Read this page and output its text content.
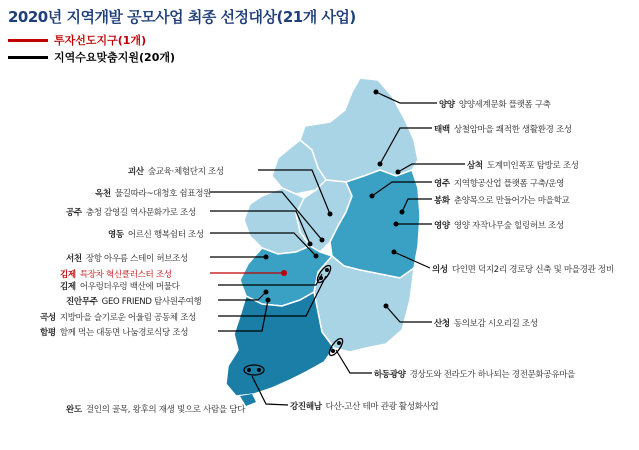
2020년 지역개발 공모사업 최종 선정대상(21개 사업)
투자선도지구(1개)
지역수요맞춤지원(20개)
양양 양양세계문화 플랫폼 구축
태백 상철암마을 쾌적한 생활환경 조성
삼척 도계미인폭포 탐방로 조성
영주 지역향공산업 플랫폼 구축/운영
봉화 춘양목으로 만들어가는 마을학교
영양 영양 자작나무숲 힐링허브 조성
의성 다인면 덕지2리 경로당 신축 및 마을경관 정비
산청 동의보감 시오리길 조성
하동광양 경상도와 전라도가 하나되는 경전문화공유마을
강진해남 다산-고산 테마 관광 활성화사업
완도 걸인의 골목, 왕후의 재생 빛으로 사람을 담다
괴산 숲교육·체험단지 조성
옥천 물길따라~대청호 쉼표정원
공주 충청 감영길 역사문화가로 조성
영동 어르신 행복쉼터 조성
서천 장항 아우름 스테이 허브조성
김제 특장차 혁신클러스터 조성
김제 어우렁더우렁 백산에 머물다
진안무주 GEO FRIEND 탐사원주여행
곡성 지방마을 슬기로운 어울림 공동체 조성
함평 함께 먹는 대동면 나눔경로식당 조성
